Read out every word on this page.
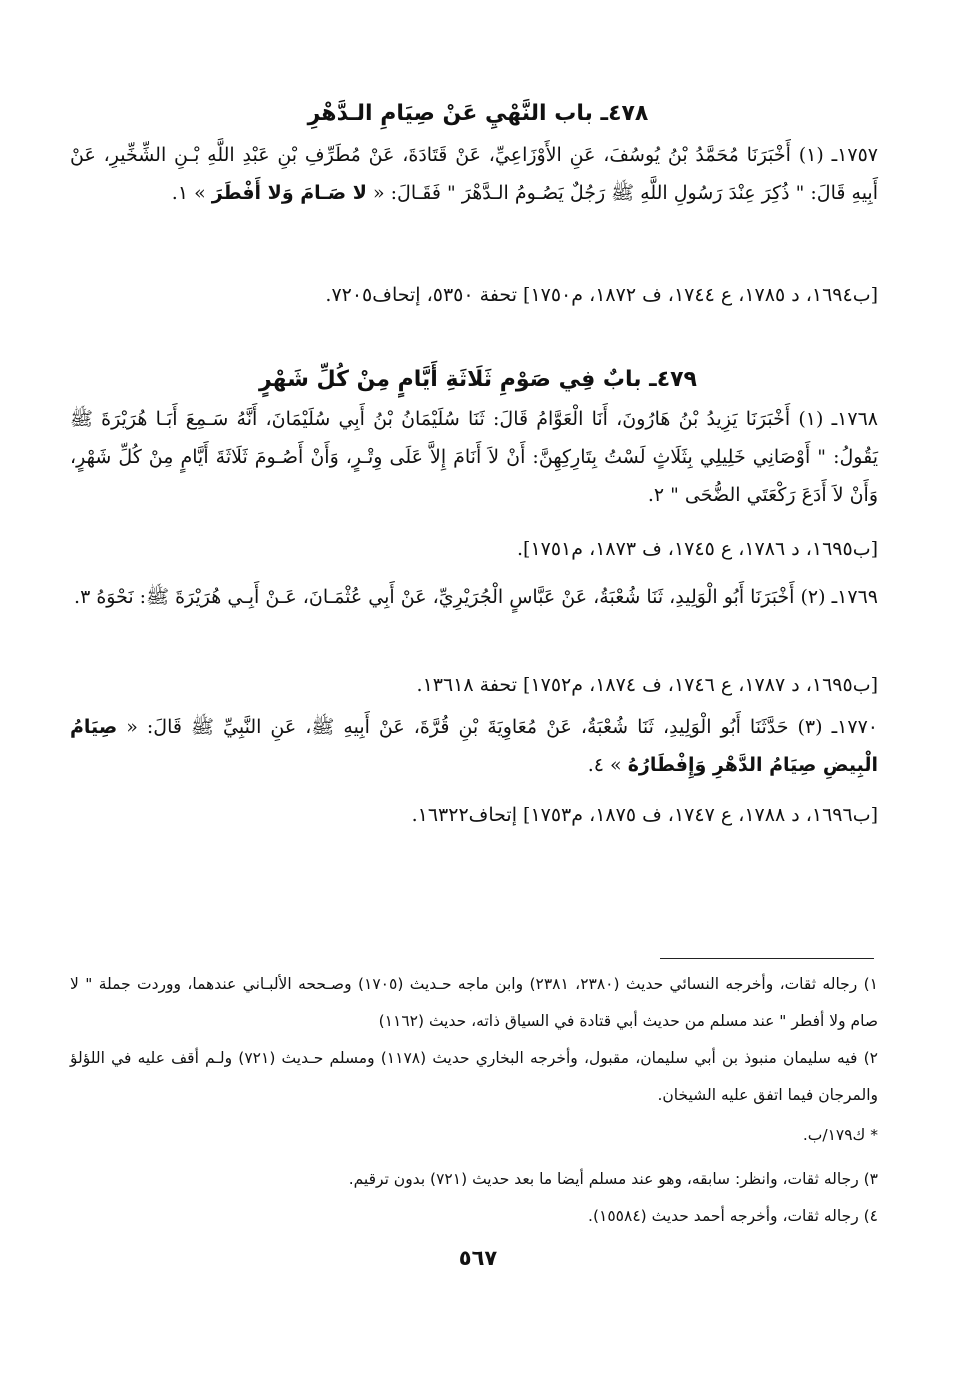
٤٧٨ـ باب النَّهْيِ عَنْ صِيَامِ الـدَّهْرِ
١٧٥٧ـ (١) أَخْبَرَنَا مُحَمَّدُ بْنُ يُوسُفَ، عَنِ الأَوْزَاعِيِّ، عَنْ قَتَادَةَ، عَنْ مُطَرِّفِ بْنِ عَبْدِ اللَّهِ بْـنِ الشِّخِّيرِ، عَنْ أَبِيهِ قَالَ: " ذُكِرَ عِنْدَ رَسُولِ اللَّهِ ﷺ رَجُلٌ يَصُـومُ الـدَّهْرَ " فَقَـالَ: « لا صَـامَ وَلا أَفْطَرَ » ١.
[ب١٦٩٤، د ١٧٨٥، ع ١٧٤٤، ف ١٨٧٢، م١٧٥٠] تحفة ٥٣٥٠، إتحاف٧٢٠٥.
٤٧٩ـ بابٌ فِي صَوْمِ ثَلَاثَةِ أَيَّامٍ مِنْ كُلِّ شَهْرٍ
١٧٦٨ـ (١) أَخْبَرَنَا يَزِيدُ بْنُ هَارُونَ، أَنَا الْعَوَّامُ قَالَ: ثَنَا سُلَيْمَانُ بْنُ أَبِي سُلَيْمَانَ، أَنَّهُ سَـمِعَ أَبَـا هُرَيْرَةَ ﷺ يَقُولُ: " أَوْصَانِي خَلِيلِي بِثَلَاثٍ لَسْتُ بِتَارِكِهِنَّ: أَنْ لاَ أَنَامَ إِلاَّ عَلَى وِتْـرٍ، وَأَنْ أَصُـومَ ثَلَاثَةَ أَيَّامٍ مِنْ كُلِّ شَهْرٍ، وَأَنْ لاَ أَدَعَ رَكْعَتَي الضُّحَى " ٢.
[ب١٦٩٥، د ١٧٨٦، ع ١٧٤٥، ف ١٨٧٣، م١٧٥١].
١٧٦٩ـ (٢) أَخْبَرَنَا أَبُو الْوَلِيدِ، ثَنَا شُعْبَةُ، عَنْ عَبَّاسٍ الْجُرَيْرِيِّ، عَنْ أَبِي عُثْمَـانَ، عَـنْ أَبِـي هُرَيْرَةَ ﷺ: نَحْوَهُ ٣.
[ب١٦٩٥، د ١٧٨٧، ع ١٧٤٦، ف ١٨٧٤، م١٧٥٢] تحفة ١٣٦١٨.
١٧٧٠ـ (٣) حَدَّثَنَا أَبُو الْوَلِيدِ، ثَنَا شُعْبَةُ، عَنْ مُعَاوِيَةَ بْنِ قُرَّةَ، عَنْ أَبِيهِ ﷺ، عَنِ النَّبِيِّ ﷺ قَالَ: « صِيَامُ الْبِيضِ صِيَامُ الدَّهْرِ وَإِفْطَارُهُ » ٤.
[ب١٦٩٦، د ١٧٨٨، ع ١٧٤٧، ف ١٨٧٥، م١٧٥٣] إتحاف١٦٣٢٢.
١) رجاله ثقات، وأخرجه النسائي حديث (٢٣٨٠، ٢٣٨١) وابن ماجه حـديث (١٧٠٥) وصـححه الألبـاني عندهما، ووردت جملة " لا صام ولا أفطر " عند مسلم من حديث أبي قتادة في السياق ذاته، حديث (١١٦٢)
٢) فيه سليمان منبوذ بن أبي سليمان، مقبول، وأخرجه البخاري حديث (١١٧٨) ومسلم حـديث (٧٢١) ولـم أقف عليه في اللؤلؤ والمرجان فيما اتفق عليه الشيخان.
* ك١٧٩/ب.
٣) رجاله ثقات، وانظر: سابقه، وهو عند مسلم أيضا ما بعد حديث (٧٢١) بدون ترقيم.
٤) رجاله ثقات، وأخرجه أحمد حديث (١٥٥٨٤).
٥٦٧
